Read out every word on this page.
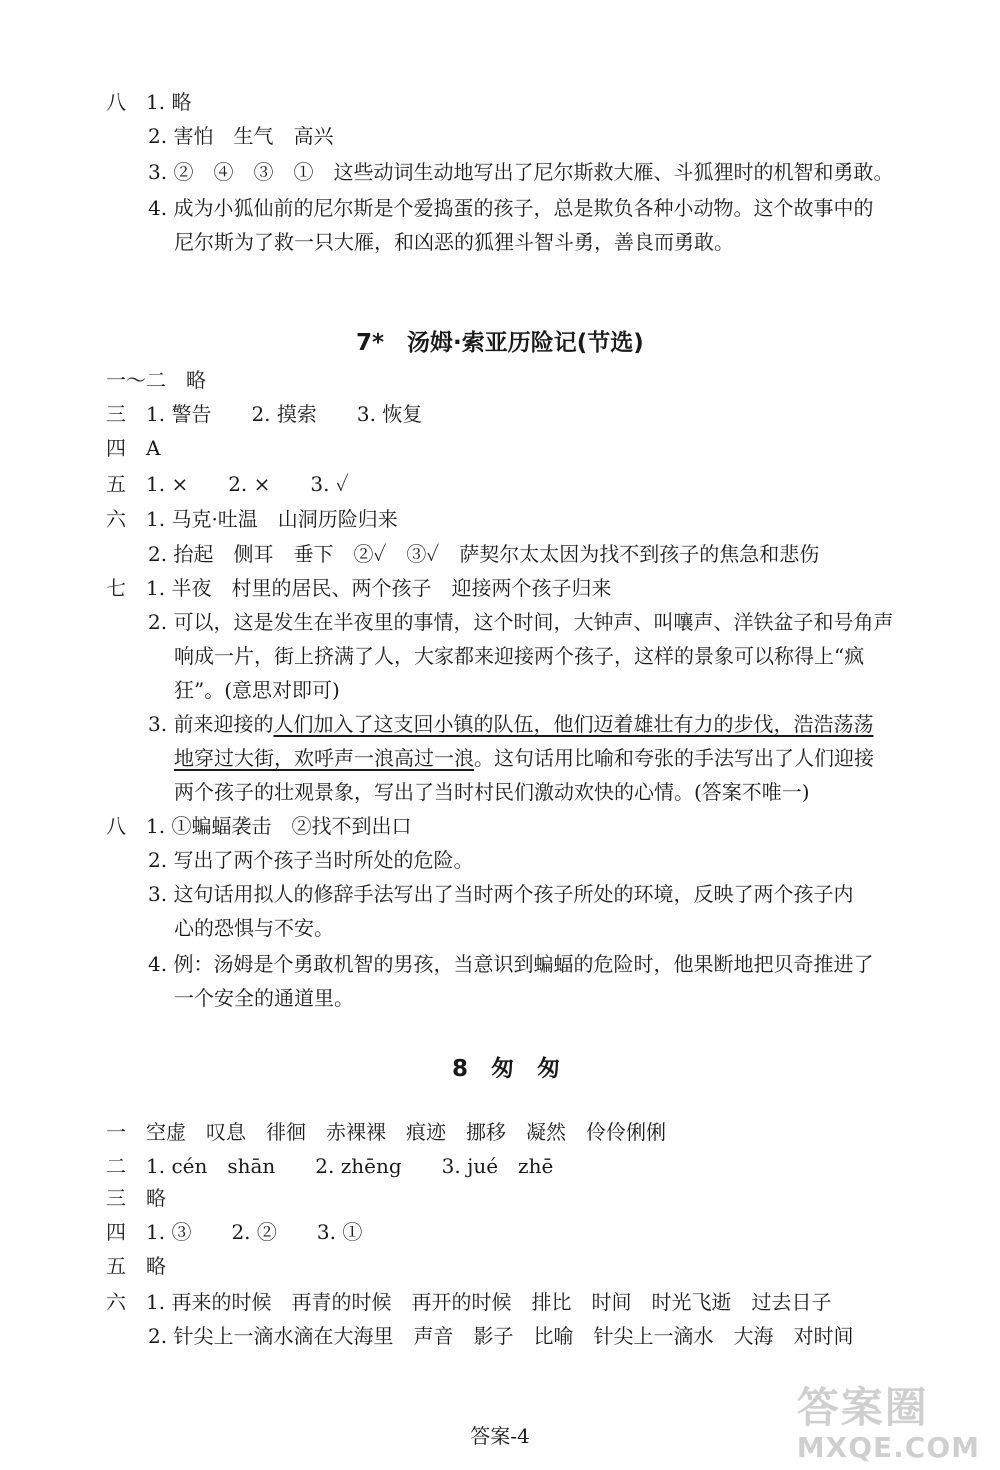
八　1. 略
2. 害怕　生气　高兴
3. ②　④　③　①　这些动词生动地写出了尼尔斯救大雁、斗狐狸时的机智和勇敢。
4. 成为小狐仙前的尼尔斯是个爱捣蛋的孩子，总是欺负各种小动物。这个故事中的
尼尔斯为了救一只大雁，和凶恶的狐狸斗智斗勇，善良而勇敢。
7*　汤姆·索亚历险记(节选)
一～二　略
三　1. 警告　　2. 摸索　　3. 恢复
四　A
五　1. ×　　2. ×　　3. ✓
六　1. 马克·吐温　山洞历险归来
2. 抬起　侧耳　垂下　②✓　③✓　萨契尔太太因为找不到孩子的焦急和悲伤
七　1. 半夜　村里的居民、两个孩子　迎接两个孩子归来
2. 可以，这是发生在半夜里的事情，这个时间，大钟声、叫嚷声、洋铁盆子和号角声
响成一片，街上挤满了人，大家都来迎接两个孩子，这样的景象可以称得上“疯
狂”。(意思对即可)
3. 前来迎接的人们加入了这支回小镇的队伍，他们迈着雄壮有力的步伐，浩浩荡荡
地穿过大街，欢呼声一浪高过一浪。这句话用比喻和夸张的手法写出了人们迎接
两个孩子的壮观景象，写出了当时村民们激动欢快的心情。(答案不唯一)
八　1. ①蝙蝠袭击　②找不到出口
2. 写出了两个孩子当时所处的危险。
3. 这句话用拟人的修辞手法写出了当时两个孩子所处的环境，反映了两个孩子内
心的恐惧与不安。
4. 例：汤姆是个勇敢机智的男孩，当意识到蝙蝠的危险时，他果断地把贝奇推进了
一个安全的通道里。
8　匆　匆
一　空虚　叹息　徘徊　赤裸裸　痕迹　挪移　凝然　伶伶俐俐
二　1. cén　shān　　2. zhēng　　3. jué　zhē
三　略
四　1. ③　　2. ②　　3. ①
五　略
六　1. 再来的时候　再青的时候　再开的时候　排比　时间　时光飞逝　过去日子
2. 针尖上一滴水滴在大海里　声音　影子　比喻　针尖上一滴水　大海　对时间
答案-4
答案圈
MXQE.COM
